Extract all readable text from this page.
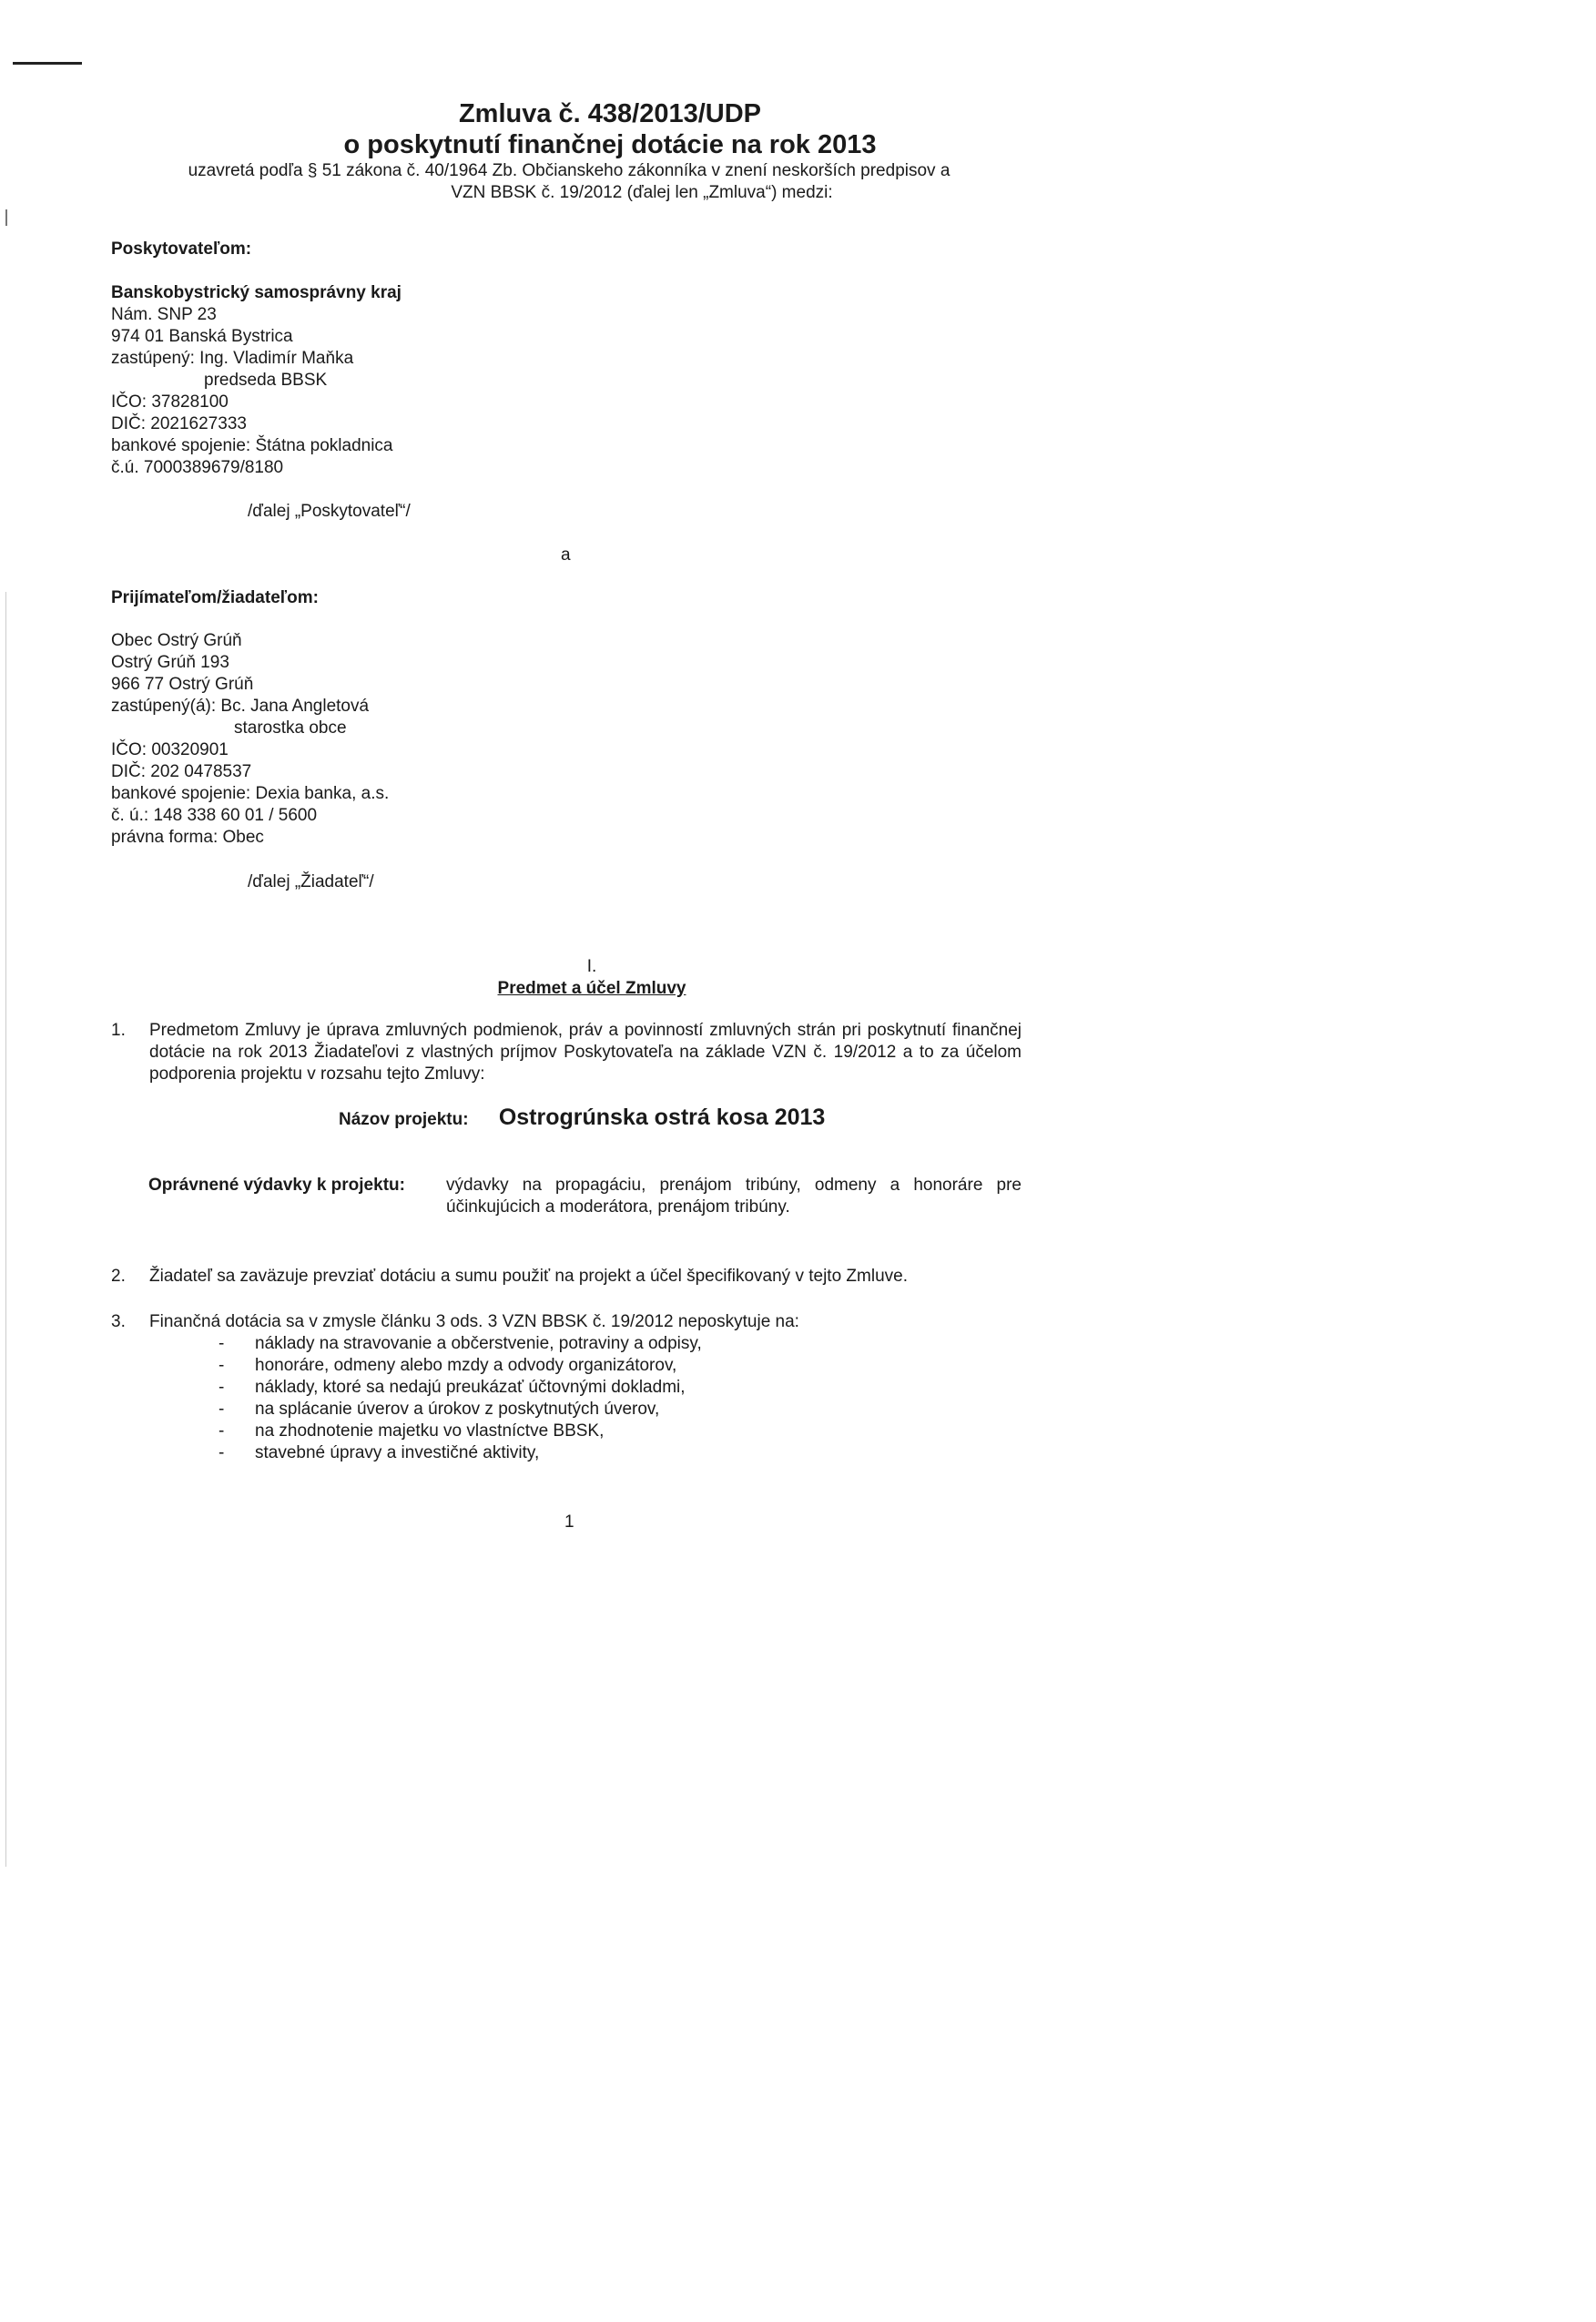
Zmluva č. 438/2013/UDP
o poskytnutí finančnej dotácie na rok 2013
uzavretá podľa § 51 zákona č. 40/1964 Zb. Občianskeho zákonníka v znení neskorších predpisov a
VZN BBSK č. 19/2012 (ďalej len „Zmluva“) medzi:
Poskytovateľom:
Banskobystrický samosprávny kraj
Nám. SNP 23
974 01 Banská Bystrica
zastúpený: Ing. Vladimír Maňka
predseda BBSK
IČO: 37828100
DIČ: 2021627333
bankové spojenie: Štátna pokladnica
č.ú. 7000389679/8180
/ďalej „Poskytovateľ“/
a
Prijímateľom/žiadateľom:
Obec Ostrý Grúň
Ostrý Grúň 193
966 77 Ostrý Grúň
zastúpený(á): Bc. Jana Angletová
starostka obce
IČO: 00320901
DIČ: 202 0478537
bankové spojenie: Dexia banka, a.s.
č. ú.: 148 338 60 01 / 5600
právna forma: Obec
/ďalej „Žiadateľ“/
I.
Predmet a účel Zmluvy
1. Predmetom Zmluvy je úprava zmluvných podmienok, práv a povinností zmluvných strán pri poskytnutí finančnej dotácie na rok 2013 Žiadateľovi z vlastných príjmov Poskytovateľa na základe VZN č. 19/2012 a to za účelom podporenia projektu v rozsahu tejto Zmluvy:
Názov projektu: Ostrogrúnska ostrá kosa 2013
Oprávnené výdavky k projektu: výdavky na propagáciu, prenájom tribúny, odmeny a honoráre pre účinkujúcich a moderátora, prenájom tribúny.
2. Žiadateľ sa zaväzuje prevziať dotáciu a sumu použiť na projekt a účel špecifikovaný v tejto Zmluve.
3. Finančná dotácia sa v zmysle článku 3 ods. 3 VZN BBSK č. 19/2012 neposkytuje na:
- náklady na stravovanie a občerstvenie, potraviny a odpisy,
- honoráre, odmeny alebo mzdy a odvody organizátorov,
- náklady, ktoré sa nedajú preukázať účtovnými dokladmi,
- na splácanie úverov a úrokov z poskytnutých úverov,
- na zhodnotenie majetku vo vlastníctve BBSK,
- stavebné úpravy a investičné aktivity,
1
